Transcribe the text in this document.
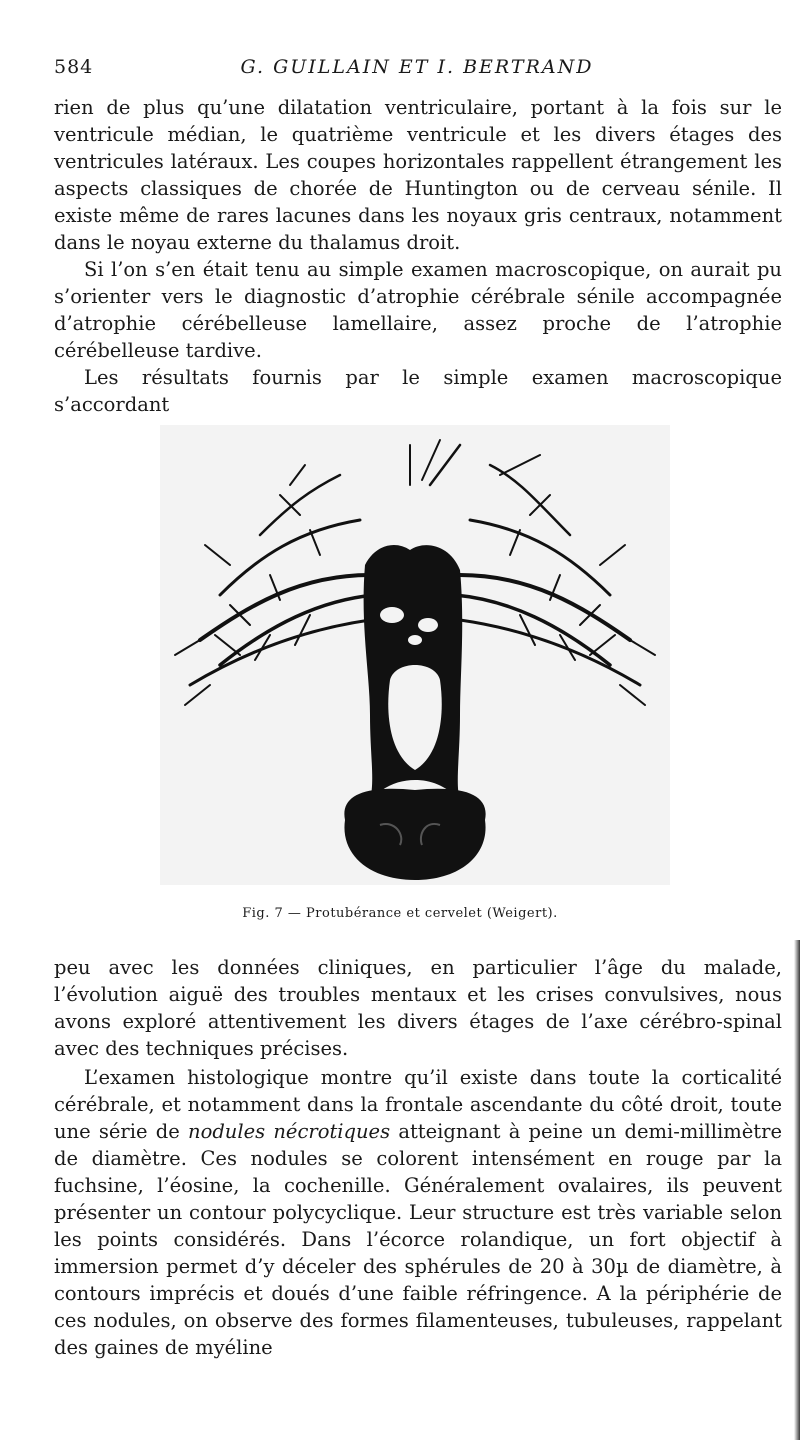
584	G. GUILLAIN ET I. BERTRAND

rien de plus qu’une dilatation ventriculaire, portant à la fois sur le ventricule médian, le quatrième ventricule et les divers étages des ventricules latéraux. Les coupes horizontales rappellent étrangement les aspects classiques de chorée de Huntington ou de cerveau sénile. Il existe même de rares lacunes dans les noyaux gris centraux, notamment dans le noyau externe du thalamus droit.

Si l’on s’en était tenu au simple examen macroscopique, on aurait pu s’orienter vers le diagnostic d’atrophie cérébrale sénile accompagnée d’atrophie cérébelleuse lamellaire, assez proche de l’atrophie cérébelleuse tardive.

Les résultats fournis par le simple examen macroscopique s’accordant

Fig. 7 — Protubérance et cervelet (Weigert).

peu avec les données cliniques, en particulier l’âge du malade, l’évolution aiguë des troubles mentaux et les crises convulsives, nous avons exploré attentivement les divers étages de l’axe cérébro-spinal avec des techniques précises.

L’examen histologique montre qu’il existe dans toute la corticalité cérébrale, et notamment dans la frontale ascendante du côté droit, toute une série de nodules nécrotiques atteignant à peine un demi-millimètre de diamètre. Ces nodules se colorent intensément en rouge par la fuchsine, l’éosine, la cochenille. Généralement ovalaires, ils peuvent présenter un contour polycyclique. Leur structure est très variable selon les points considérés. Dans l’écorce rolandique, un fort objectif à immersion permet d’y déceler des sphérules de 20 à 30µ de diamètre, à contours imprécis et doués d’une faible réfringence. A la périphérie de ces nodules, on observe des formes filamenteuses, tubuleuses, rappelant des gaines de myéline
